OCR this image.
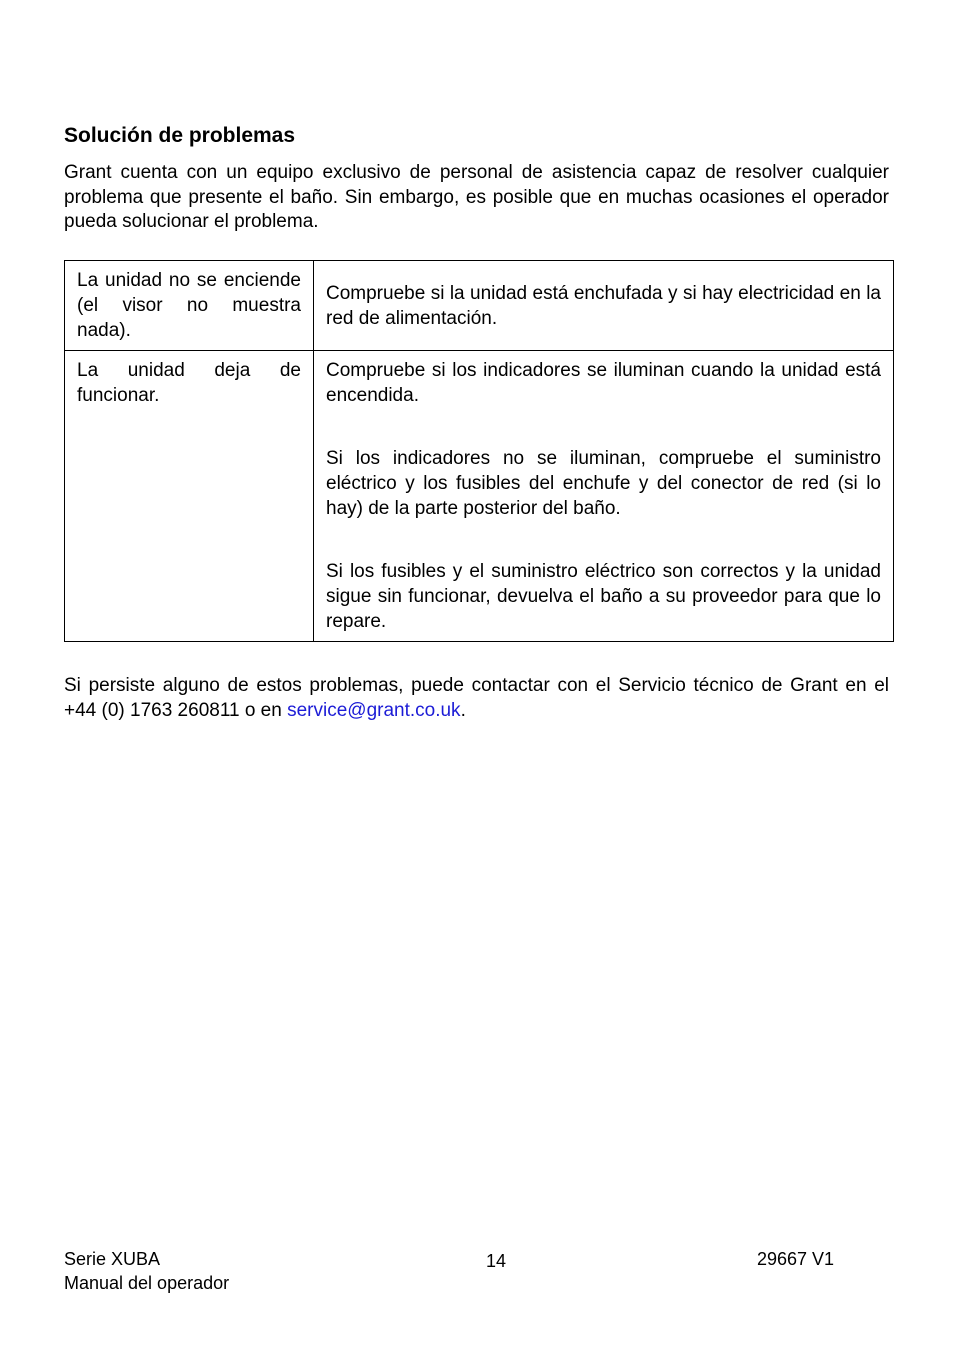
Solución de problemas

Grant cuenta con un equipo exclusivo de personal de asistencia capaz de resolver cualquier problema que presente el baño. Sin embargo, es posible que en muchas ocasiones el operador pueda solucionar el problema.

La unidad no se enciende (el visor no muestra nada).	Compruebe si la unidad está enchufada y si hay electricidad en la red de alimentación.

La unidad deja de funcionar.	Compruebe si los indicadores se iluminan cuando la unidad está encendida.

Si los indicadores no se iluminan, compruebe el suministro eléctrico y los fusibles del enchufe y del conector de red (si lo hay) de la parte posterior del baño.

Si los fusibles y el suministro eléctrico son correctos y la unidad sigue sin funcionar, devuelva el baño a su proveedor para que lo repare.

Si persiste alguno de estos problemas, puede contactar con el Servicio técnico de Grant en el +44 (0) 1763 260811 o en service@grant.co.uk.

Serie XUBA
Manual del operador
14	29667 V1
